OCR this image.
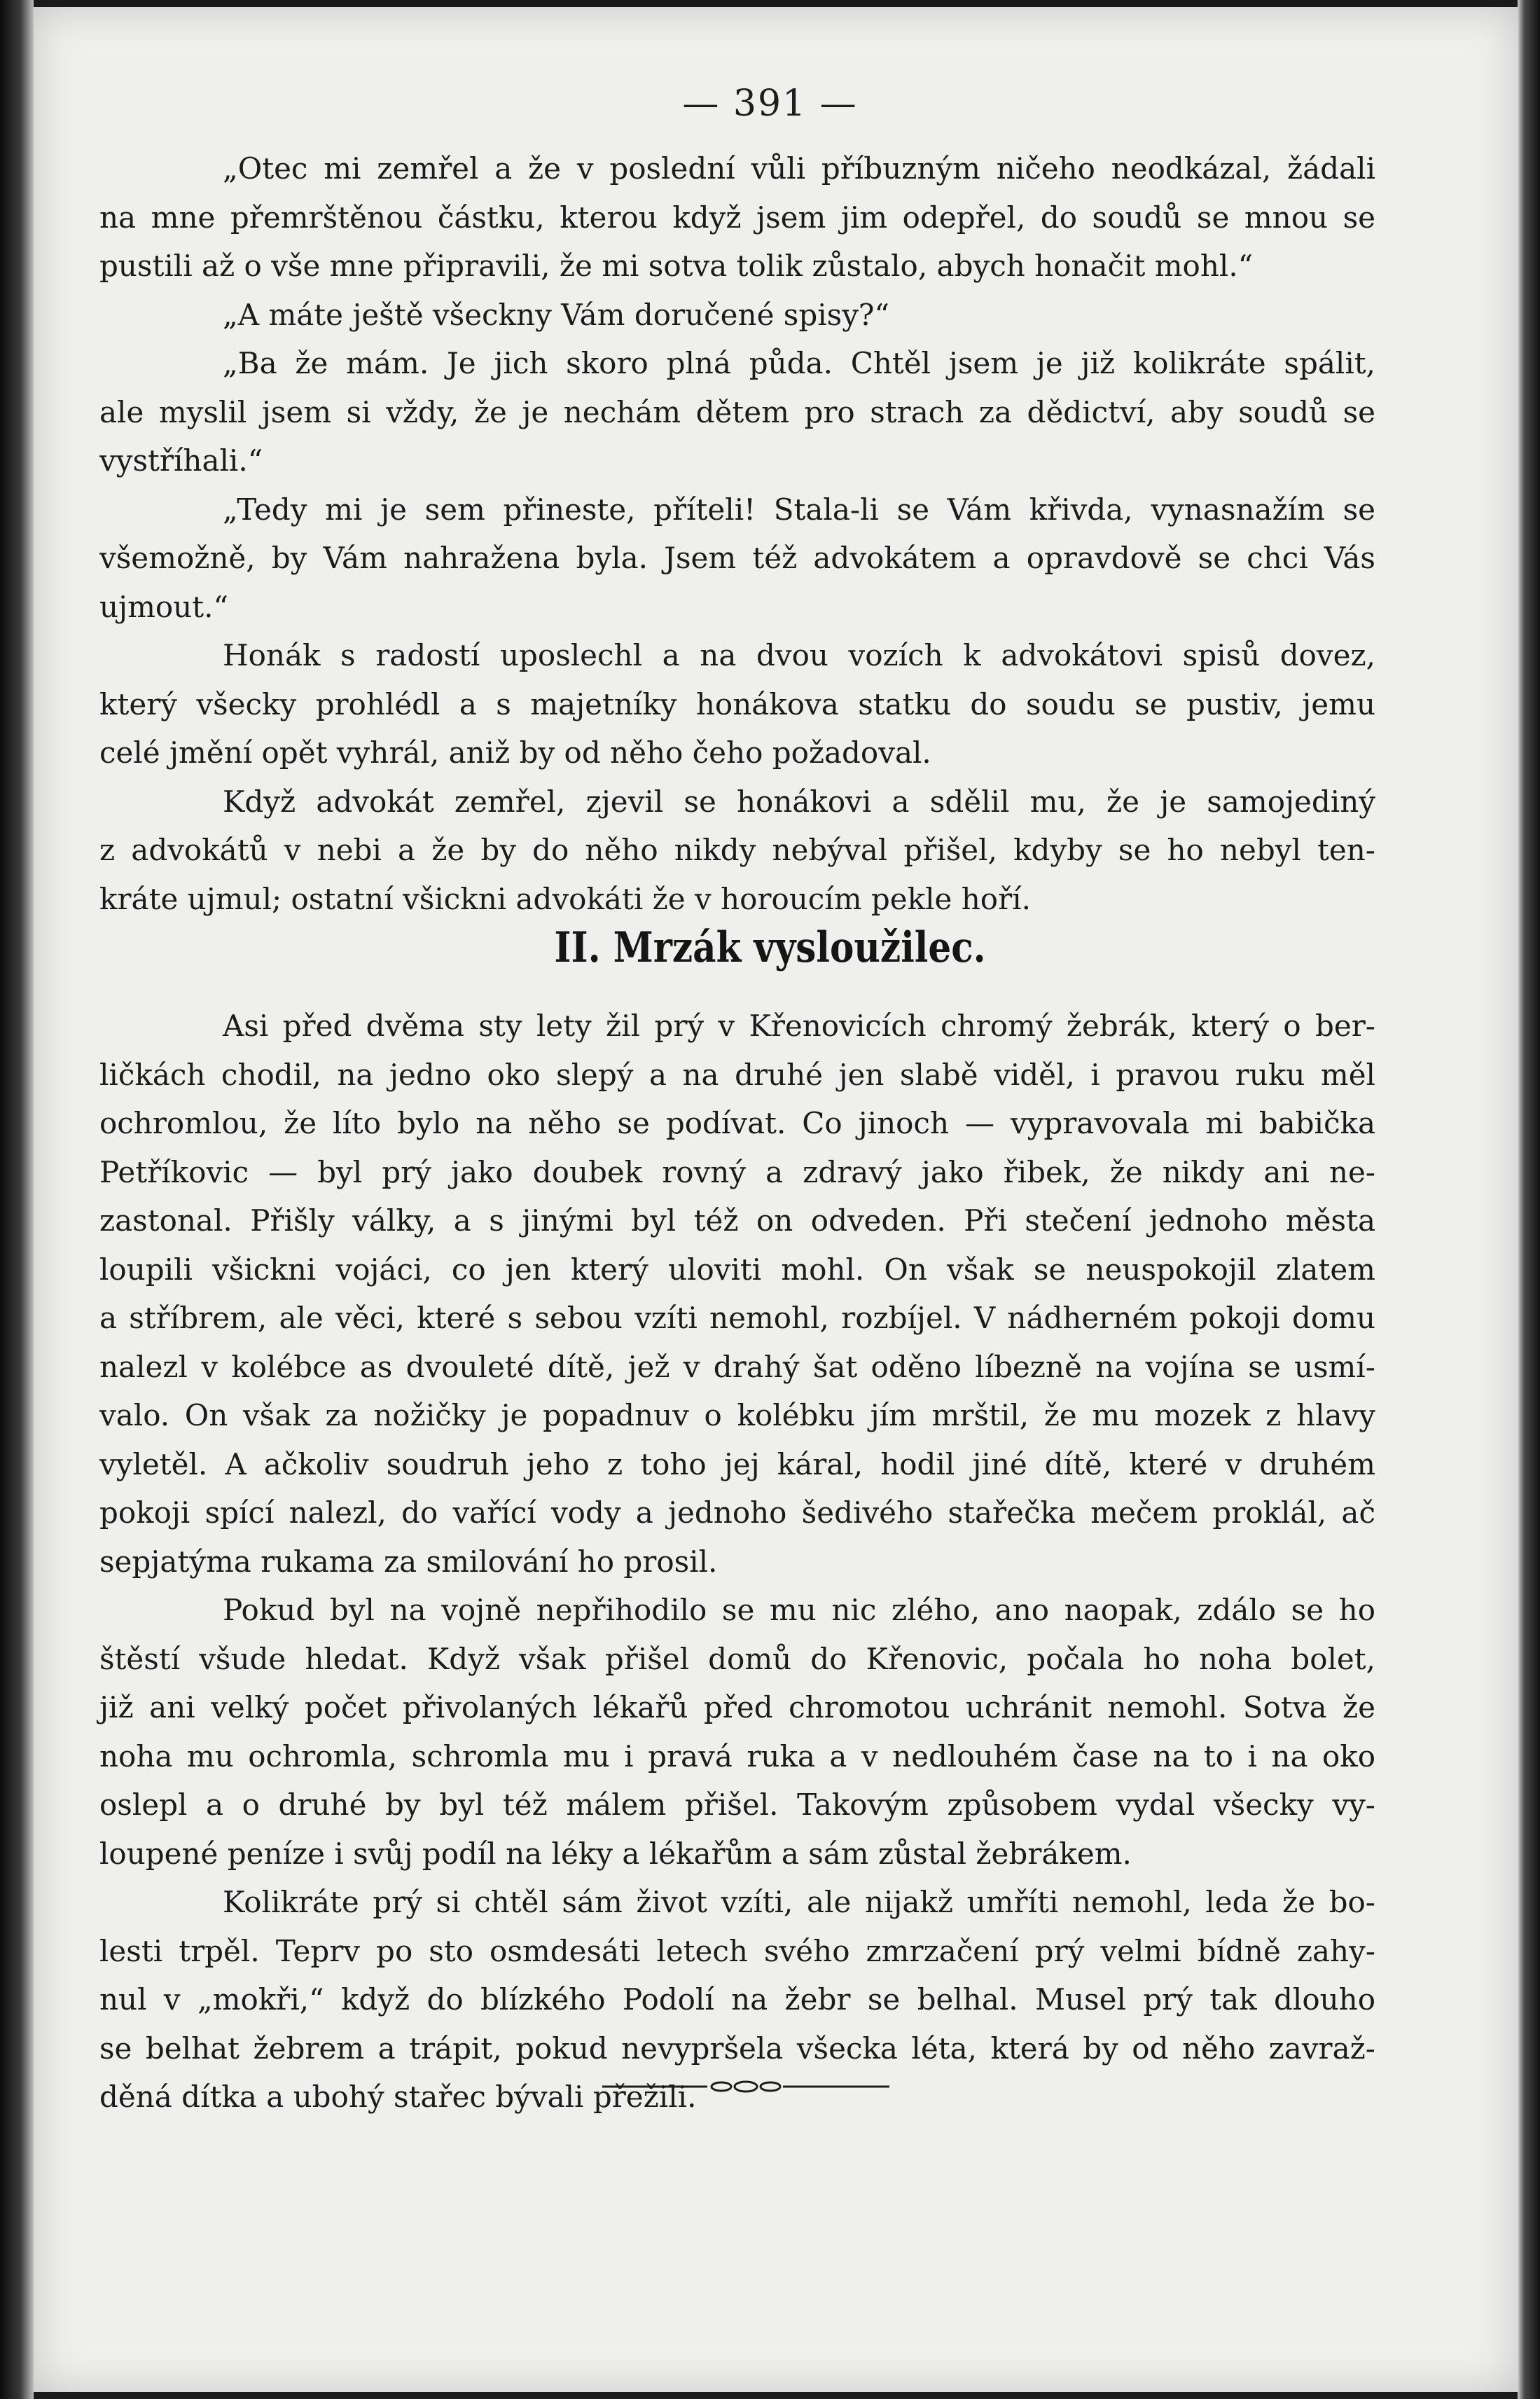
— 391 —

„Otec mi zemřel a že v poslední vůli příbuzným ničeho neodkázal, žádali

na mne přemrštěnou částku, kterou když jsem jim odepřel, do soudů se mnou se

pustili až o vše mne připravili, že mi sotva tolik zůstalo, abych honačit mohl.“

„A máte ještě všeckny Vám doručené spisy?“

„Ba že mám. Je jich skoro plná půda. Chtěl jsem je již kolikráte spálit,

ale myslil jsem si vždy, že je nechám dětem pro strach za dědictví, aby soudů se

vystříhali.“

„Tedy mi je sem přineste, příteli! Stala-li se Vám křivda, vynasnažím se

všemožně, by Vám nahražena byla. Jsem též advokátem a opravdově se chci Vás

ujmout.“

Honák s radostí uposlechl a na dvou vozích k advokátovi spisů dovez,

který všecky prohlédl a s majetníky honákova statku do soudu se pustiv, jemu

celé jmění opět vyhrál, aniž by od něho čeho požadoval.

Když advokát zemřel, zjevil se honákovi a sdělil mu, že je samojediný

z advokátů v nebi a že by do něho nikdy nebýval přišel, kdyby se ho nebyl ten-

kráte ujmul; ostatní všickni advokáti že v horoucím pekle hoří.

II. Mrzák vysloužilec.

Asi před dvěma sty lety žil prý v Křenovicích chromý žebrák, který o ber-

ličkách chodil, na jedno oko slepý a na druhé jen slabě viděl, i pravou ruku měl

ochromlou, že líto bylo na něho se podívat. Co jinoch — vypravovala mi babička

Petříkovic — byl prý jako doubek rovný a zdravý jako řibek, že nikdy ani ne-

zastonal. Přišly války, a s jinými byl též on odveden. Při stečení jednoho města

loupili všickni vojáci, co jen který uloviti mohl. On však se neuspokojil zlatem

a stříbrem, ale věci, které s sebou vzíti nemohl, rozbíjel. V nádherném pokoji domu

nalezl v kolébce as dvouleté dítě, jež v drahý šat oděno líbezně na vojína se usmí-

valo. On však za nožičky je popadnuv o kolébku jím mrštil, že mu mozek z hlavy

vyletěl. A ačkoliv soudruh jeho z toho jej káral, hodil jiné dítě, které v druhém

pokoji spící nalezl, do vařící vody a jednoho šedivého stařečka mečem proklál, ač

sepjatýma rukama za smilování ho prosil.

Pokud byl na vojně nepřihodilo se mu nic zlého, ano naopak, zdálo se ho

štěstí všude hledat. Když však přišel domů do Křenovic, počala ho noha bolet,

již ani velký počet přivolaných lékařů před chromotou uchránit nemohl. Sotva že

noha mu ochromla, schromla mu i pravá ruka a v nedlouhém čase na to i na oko

oslepl a o druhé by byl též málem přišel. Takovým způsobem vydal všecky vy-

loupené peníze i svůj podíl na léky a lékařům a sám zůstal žebrákem.

Kolikráte prý si chtěl sám život vzíti, ale nijakž umříti nemohl, leda že bo-

lesti trpěl. Teprv po sto osmdesáti letech svého zmrzačení prý velmi bídně zahy-

nul v „mokři,“ když do blízkého Podolí na žebr se belhal. Musel prý tak dlouho

se belhat žebrem a trápit, pokud nevypršela všecka léta, která by od něho zavraž-

děná dítka a ubohý stařec bývali přežili.
